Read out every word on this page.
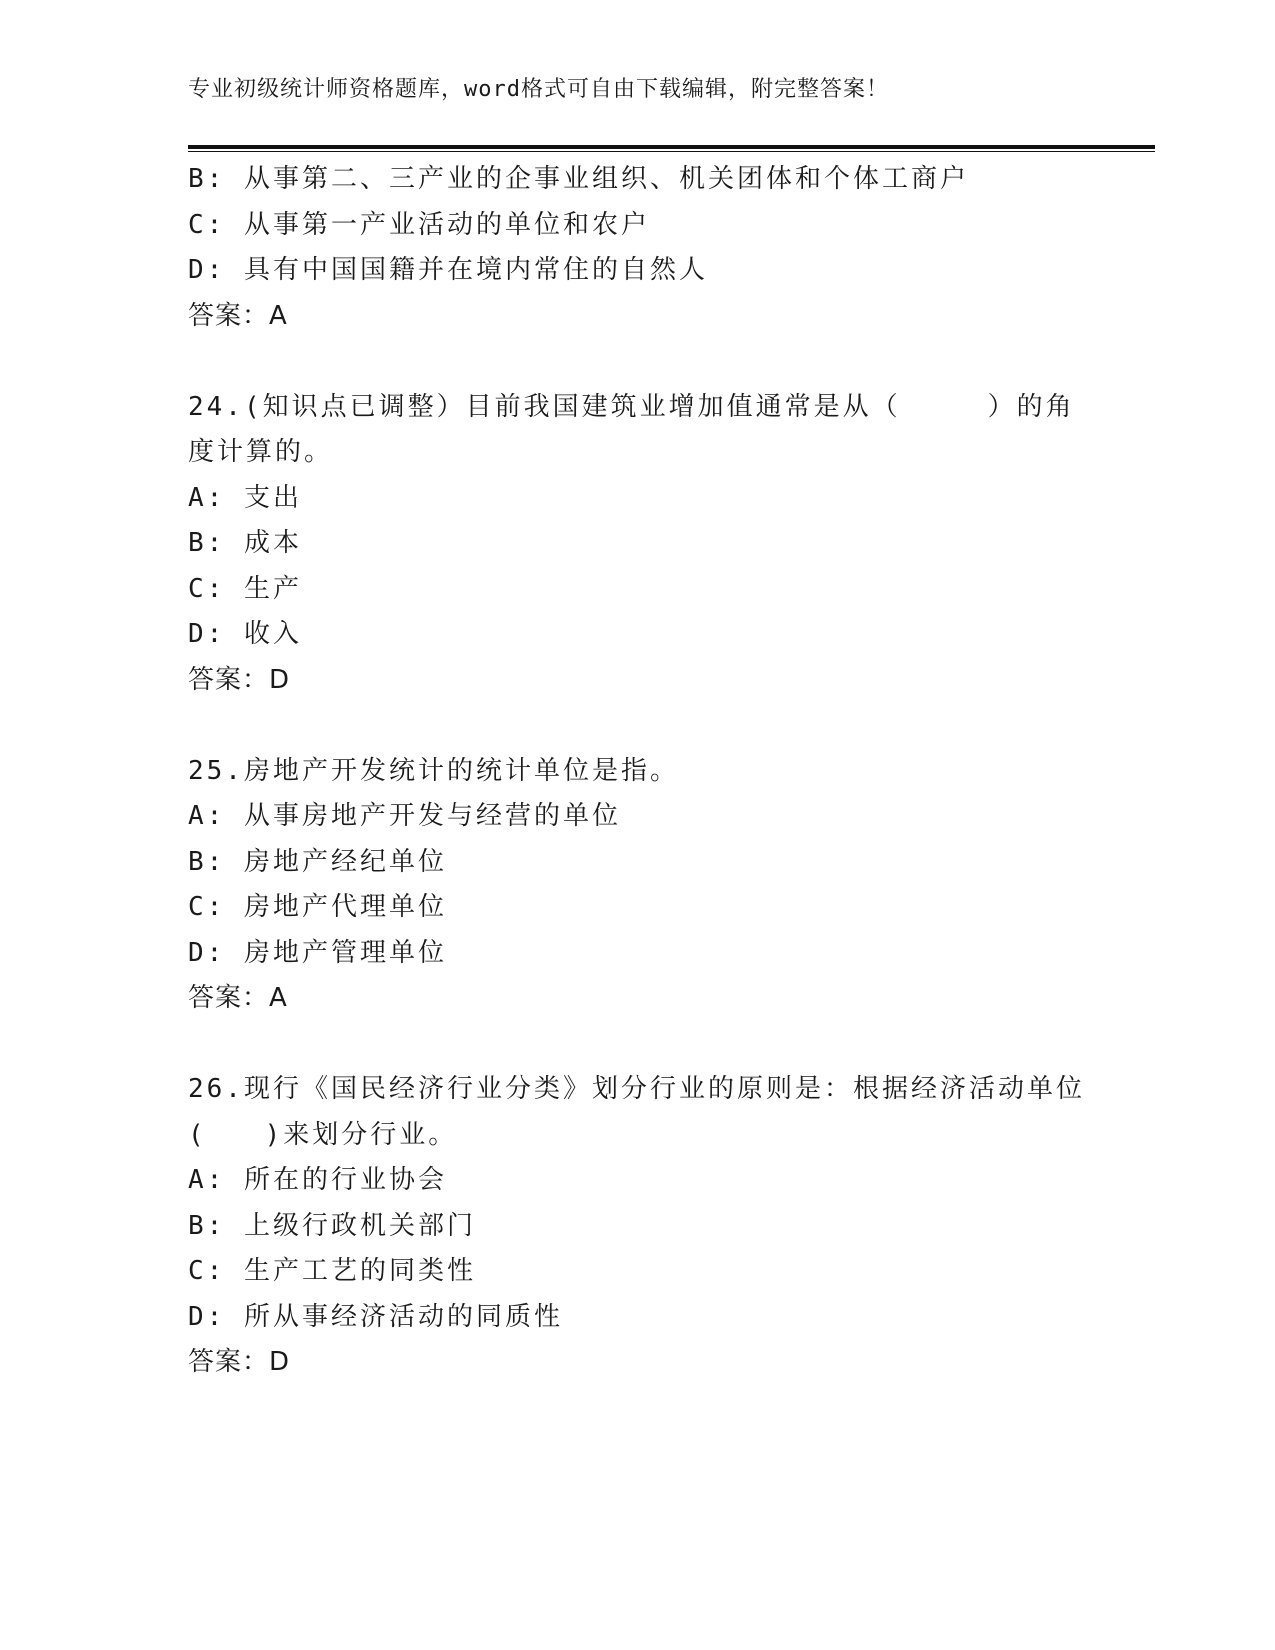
专业初级统计师资格题库，word格式可自由下载编辑，附完整答案！
B: 从事第二、三产业的企事业组织、机关团体和个体工商户
C: 从事第一产业活动的单位和农户
D: 具有中国国籍并在境内常住的自然人
答案：A
24.(知识点已调整）目前我国建筑业增加值通常是从（　　　）的角
度计算的。
A: 支出
B: 成本
C: 生产
D: 收入
答案：D
25.房地产开发统计的统计单位是指。
A: 从事房地产开发与经营的单位
B: 房地产经纪单位
C: 房地产代理单位
D: 房地产管理单位
答案：A
26.现行《国民经济行业分类》划分行业的原则是：根据经济活动单位
(　　)来划分行业。
A: 所在的行业协会
B: 上级行政机关部门
C: 生产工艺的同类性
D: 所从事经济活动的同质性
答案：D
